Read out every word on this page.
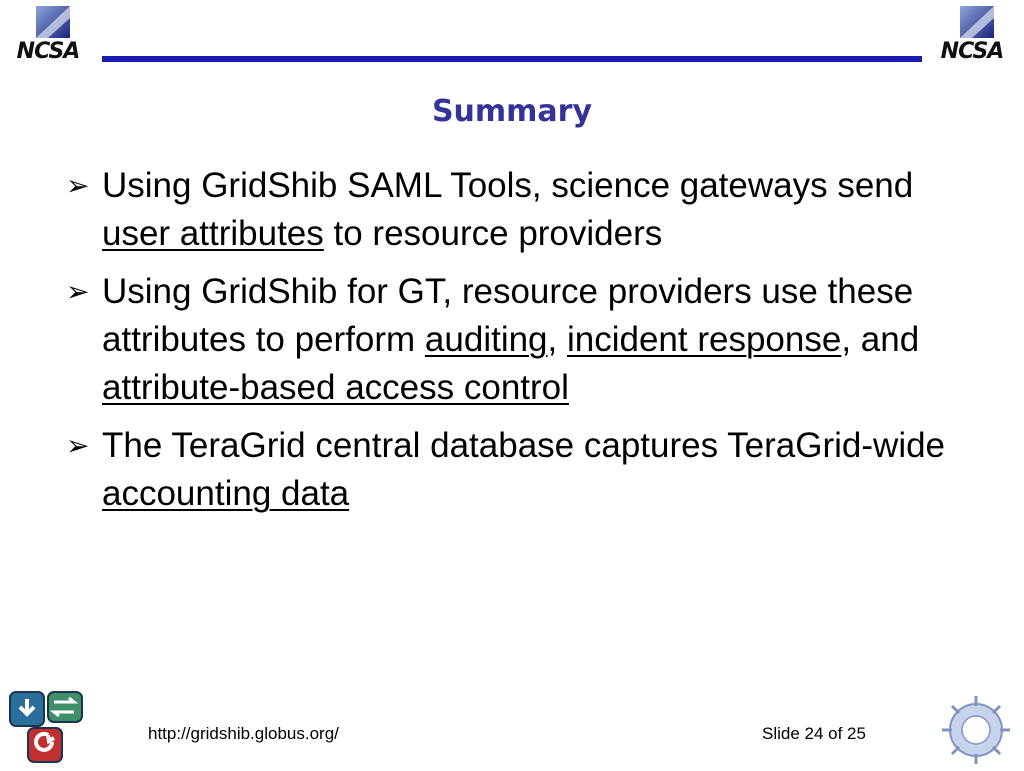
NCSA	NCSA
Summary
➢ Using GridShib SAML Tools, science gateways send user attributes to resource providers
➢ Using GridShib for GT, resource providers use these attributes to perform auditing, incident response, and attribute-based access control
➢ The TeraGrid central database captures TeraGrid-wide accounting data
http://gridshib.globus.org/	Slide 24 of 25
